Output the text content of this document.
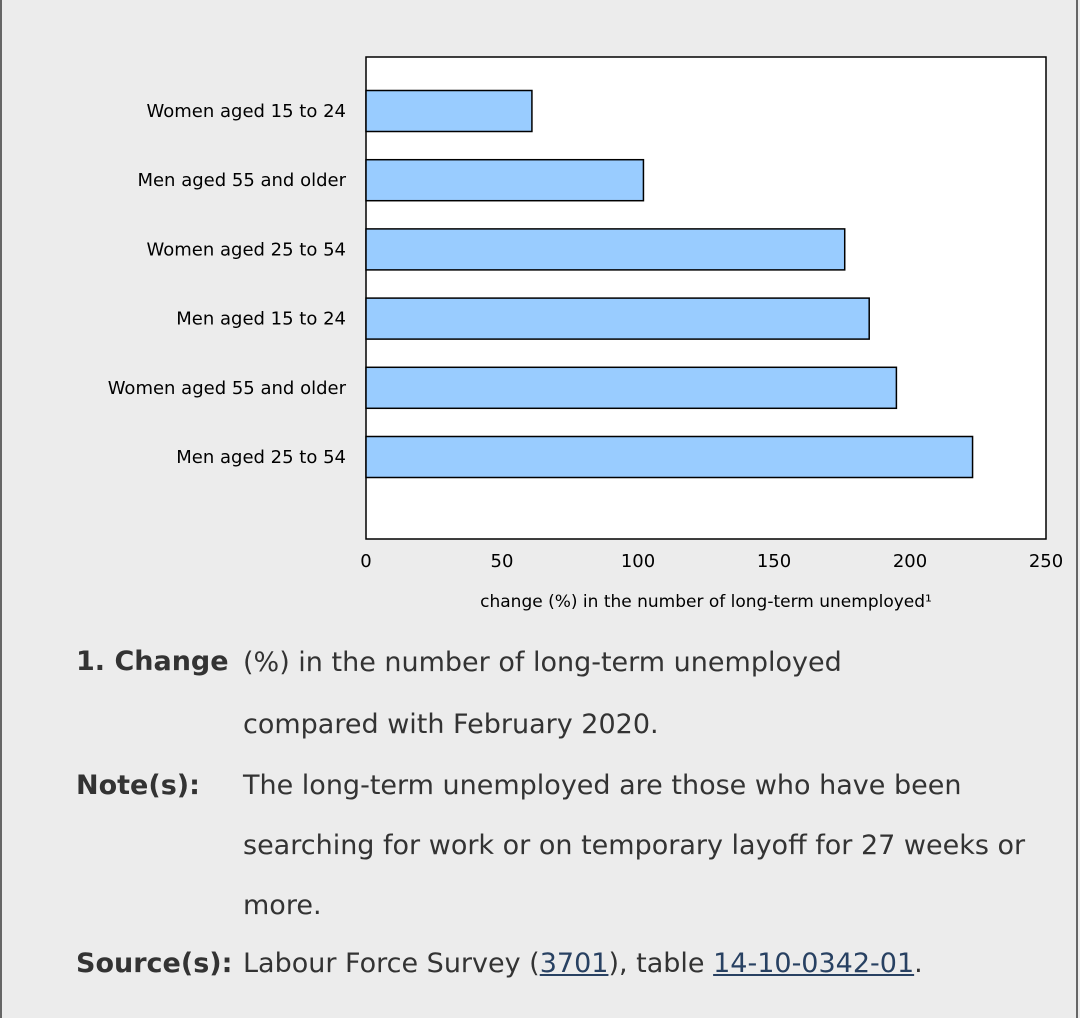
Women aged 15 to 24
Men aged 55 and older
Women aged 25 to 54
Men aged 15 to 24
Women aged 55 and older
Men aged 25 to 54
0	50	100	150	200	250
change (%) in the number of long-term unemployed¹
1. Change (%) in the number of long-term unemployed
compared with February 2020.
Note(s):	The long-term unemployed are those who have been searching for work or on temporary layoff for 27 weeks or more.
Source(s): Labour Force Survey (3701), table 14-10-0342-01.
